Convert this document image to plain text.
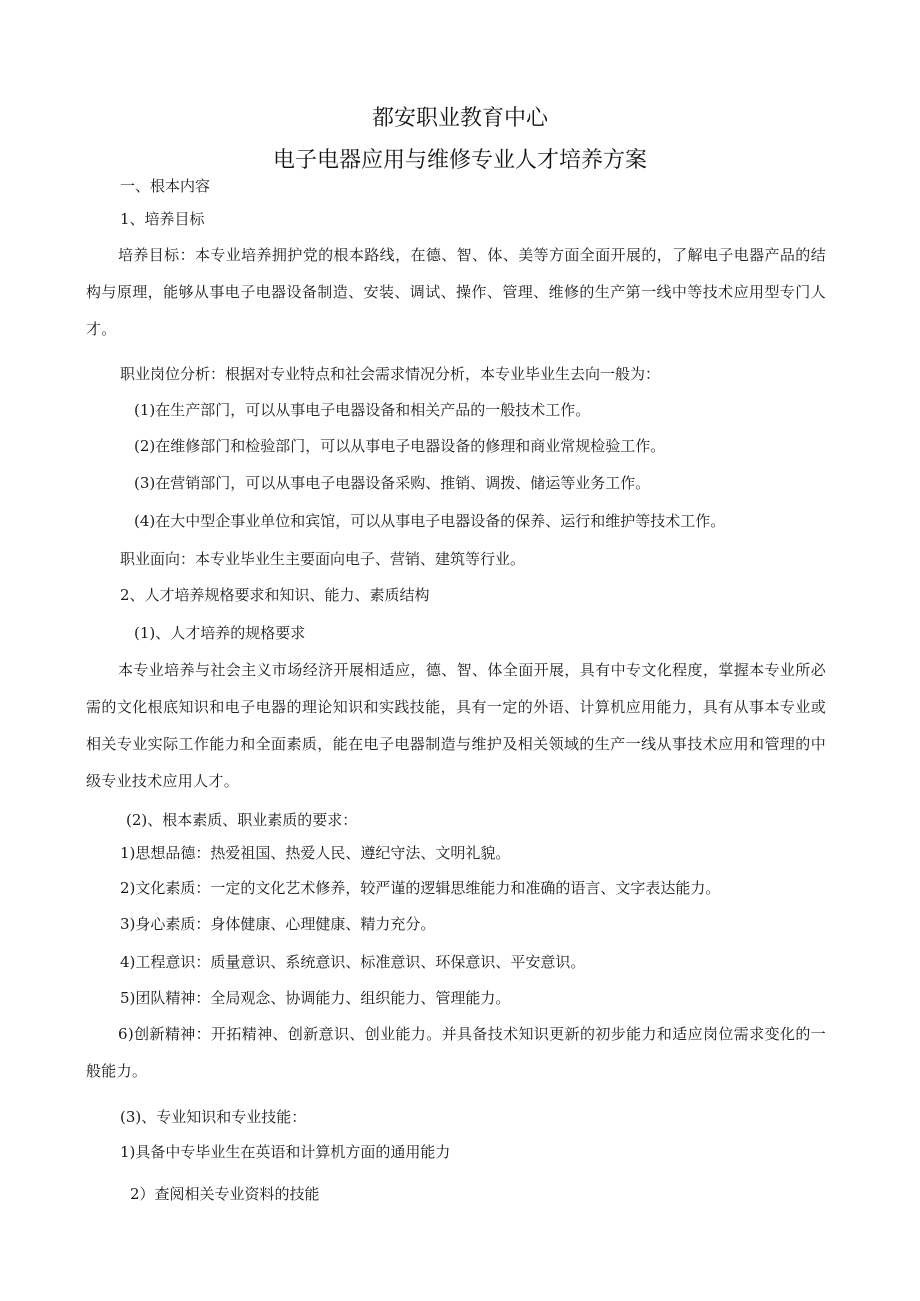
都安职业教育中心
电子电器应用与维修专业人才培养方案
一、根本内容
1、培养目标
培养目标：本专业培养拥护党的根本路线，在德、智、体、美等方面全面开展的，了解电子电器产品的结构与原理，能够从事电子电器设备制造、安装、调试、操作、管理、维修的生产第一线中等技术应用型专门人才。
职业岗位分析：根据对专业特点和社会需求情况分析，本专业毕业生去向一般为：
(1)在生产部门，可以从事电子电器设备和相关产品的一般技术工作。
(2)在维修部门和检验部门，可以从事电子电器设备的修理和商业常规检验工作。
(3)在营销部门，可以从事电子电器设备采购、推销、调拨、储运等业务工作。
(4)在大中型企事业单位和宾馆，可以从事电子电器设备的保养、运行和维护等技术工作。
职业面向：本专业毕业生主要面向电子、营销、建筑等行业。
2、人才培养规格要求和知识、能力、素质结构
(1)、人才培养的规格要求
本专业培养与社会主义市场经济开展相适应，德、智、体全面开展，具有中专文化程度，掌握本专业所必需的文化根底知识和电子电器的理论知识和实践技能，具有一定的外语、计算机应用能力，具有从事本专业或相关专业实际工作能力和全面素质，能在电子电器制造与维护及相关领域的生产一线从事技术应用和管理的中级专业技术应用人才。
(2)、根本素质、职业素质的要求：
1)思想品德：热爱祖国、热爱人民、遵纪守法、文明礼貌。
2)文化素质：一定的文化艺术修养，较严谨的逻辑思维能力和准确的语言、文字表达能力。
3)身心素质：身体健康、心理健康、精力充分。
4)工程意识：质量意识、系统意识、标准意识、环保意识、平安意识。
5)团队精神：全局观念、协调能力、组织能力、管理能力。
6)创新精神：开拓精神、创新意识、创业能力。并具备技术知识更新的初步能力和适应岗位需求变化的一般能力。
(3)、专业知识和专业技能：
1)具备中专毕业生在英语和计算机方面的通用能力
2）查阅相关专业资料的技能
